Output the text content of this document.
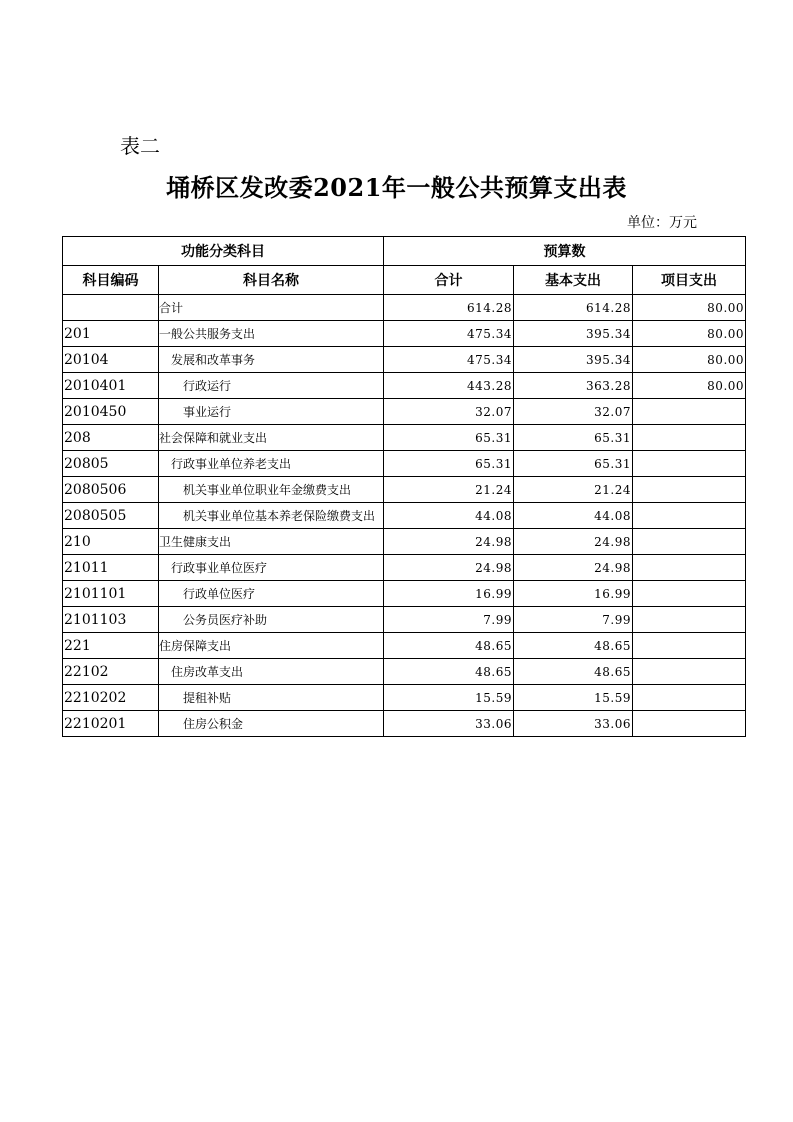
表二
埇桥区发改委2021年一般公共预算支出表
单位：万元
功能分类科目		预算数		
科目编码	科目名称	合计	基本支出	项目支出
	合计	614.28	614.28	80.00
201	一般公共服务支出	475.34	395.34	80.00
20104	发展和改革事务	475.34	395.34	80.00
2010401	行政运行	443.28	363.28	80.00
2010450	事业运行	32.07	32.07	
208	社会保障和就业支出	65.31	65.31	
20805	行政事业单位养老支出	65.31	65.31	
2080506	机关事业单位职业年金缴费支出	21.24	21.24	
2080505	机关事业单位基本养老保险缴费支出	44.08	44.08	
210	卫生健康支出	24.98	24.98	
21011	行政事业单位医疗	24.98	24.98	
2101101	行政单位医疗	16.99	16.99	
2101103	公务员医疗补助	7.99	7.99	
221	住房保障支出	48.65	48.65	
22102	住房改革支出	48.65	48.65	
2210202	提租补贴	15.59	15.59	
2210201	住房公积金	33.06	33.06	
